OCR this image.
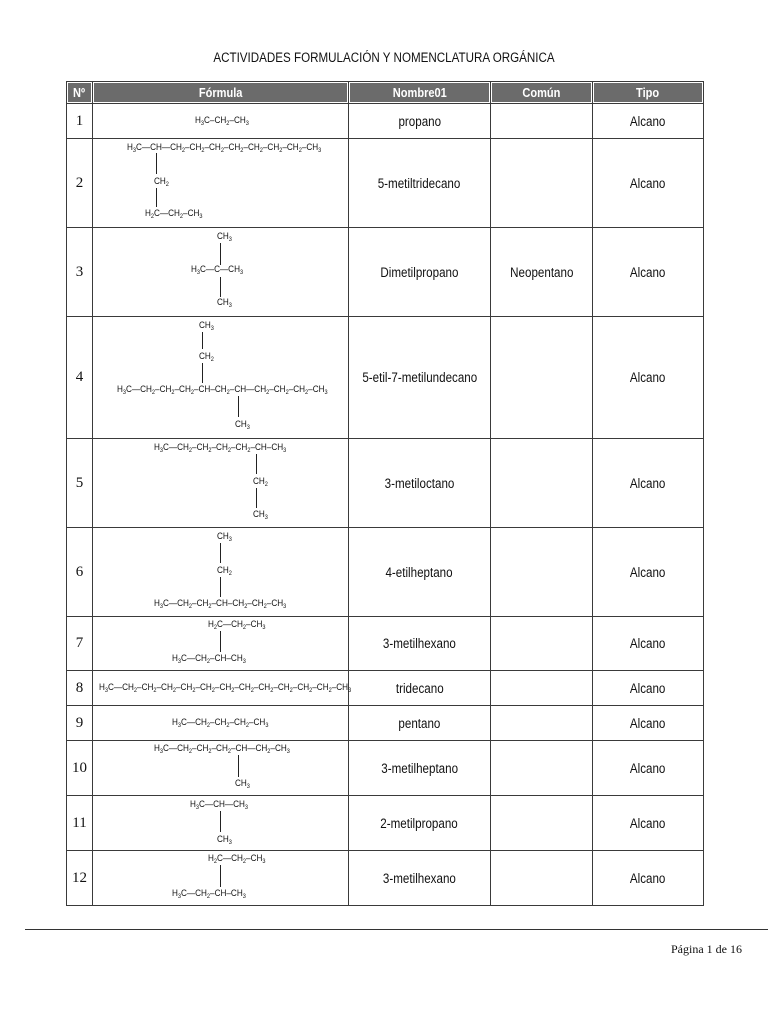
ACTIVIDADES FORMULACIÓN Y NOMENCLATURA ORGÁNICA
Nº	Fórmula	Nombre01	Común	Tipo
1	$H_3C-CH_2-CH_3$	propano		Alcano
2	$H_3C—CH—CH_2-CH_2-CH_2-CH_2-CH_2-CH_2-CH_2-CH_3$
$CH_2$
$H_2C—CH_2-CH_3$	5-metiltridecano		Alcano
3	$CH_3$
$H_3C—C—CH_3$
$CH_3$	Dimetilpropano	Neopentano	Alcano
4	$CH_3$
$CH_2$
$H_3C—CH_2-CH_2-CH_2-CH-CH_2-CH—CH_2-CH_2-CH_2-CH_3$
$CH_3$	5-etil-7-metilundecano		Alcano
5	$H_3C—CH_2-CH_2-CH_2-CH_2-CH-CH_3$
$CH_2$
$CH_3$	3-metiloctano		Alcano
6	$CH_3$
$CH_2$
$H_3C—CH_2-CH_2-CH-CH_2-CH_2-CH_3$	4-etilheptano		Alcano
7	$H_2C—CH_2-CH_3$
$H_3C—CH_2-CH-CH_3$	3-metilhexano		Alcano
8	$H_3C—CH_2-CH_2-CH_2-CH_2-CH_2-CH_2-CH_2-CH_2-CH_2-CH_2-CH_2-CH_3$	tridecano		Alcano
9	$H_3C—CH_2-CH_2-CH_2-CH_3$	pentano		Alcano
10	$H_3C—CH_2-CH_2-CH_2-CH—CH_2-CH_3$
$CH_3$	3-metilheptano		Alcano
11	$H_3C—CH—CH_3$
$CH_3$	2-metilpropano		Alcano
12	$H_2C—CH_2-CH_3$
$H_3C—CH_2-CH-CH_3$	3-metilhexano		Alcano
Página 1 de 16
